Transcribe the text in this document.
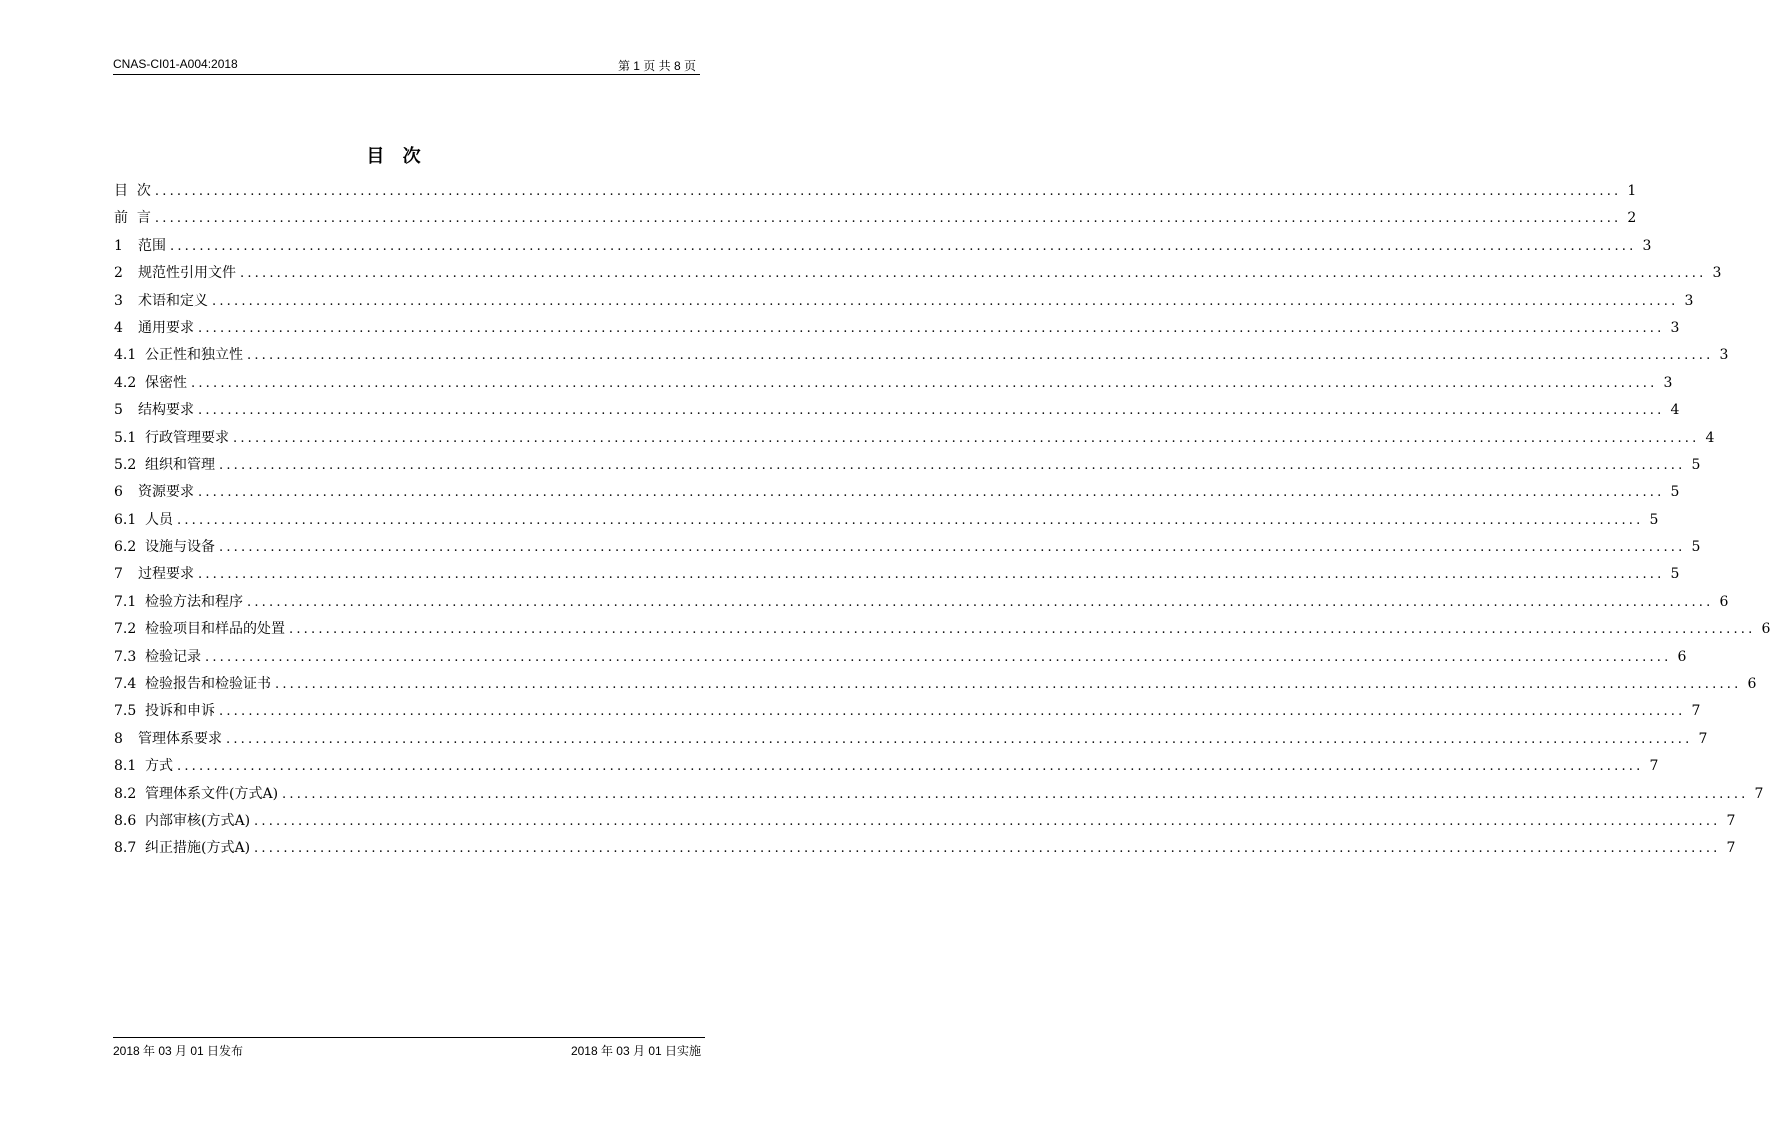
CNAS-CI01-A004:2018	第 1 页 共 8 页
目 次
目  次 ........................................................................................................................................................................................................ 1
前  言 ........................................................................................................................................................................................................ 2
1	范围 ........................................................................................................................................................................................................ 3
2	规范性引用文件 ........................................................................................................................................................................................................ 3
3	术语和定义 ........................................................................................................................................................................................................ 3
4	通用要求 ........................................................................................................................................................................................................ 3
4.1 公正性和独立性 ........................................................................................................................................................................................................ 3
4.2 保密性 ........................................................................................................................................................................................................ 3
5	结构要求 ........................................................................................................................................................................................................ 4
5.1 行政管理要求 ........................................................................................................................................................................................................ 4
5.2 组织和管理 ........................................................................................................................................................................................................ 5
6	资源要求 ........................................................................................................................................................................................................ 5
6.1 人员 ........................................................................................................................................................................................................ 5
6.2 设施与设备 ........................................................................................................................................................................................................ 5
7	过程要求 ........................................................................................................................................................................................................ 5
7.1 检验方法和程序 ........................................................................................................................................................................................................ 6
7.2 检验项目和样品的处置 ........................................................................................................................................................................................................ 6
7.3 检验记录 ........................................................................................................................................................................................................ 6
7.4 检验报告和检验证书 ........................................................................................................................................................................................................ 6
7.5 投诉和申诉 ........................................................................................................................................................................................................ 7
8	管理体系要求 ........................................................................................................................................................................................................ 7
8.1 方式 ........................................................................................................................................................................................................ 7
8.2 管理体系文件(方式A) ........................................................................................................................................................................................................ 7
8.6 内部审核(方式A) ........................................................................................................................................................................................................ 7
8.7 纠正措施(方式A) ........................................................................................................................................................................................................ 7
2018 年 03 月 01 日发布	2018 年 03 月 01 日实施
